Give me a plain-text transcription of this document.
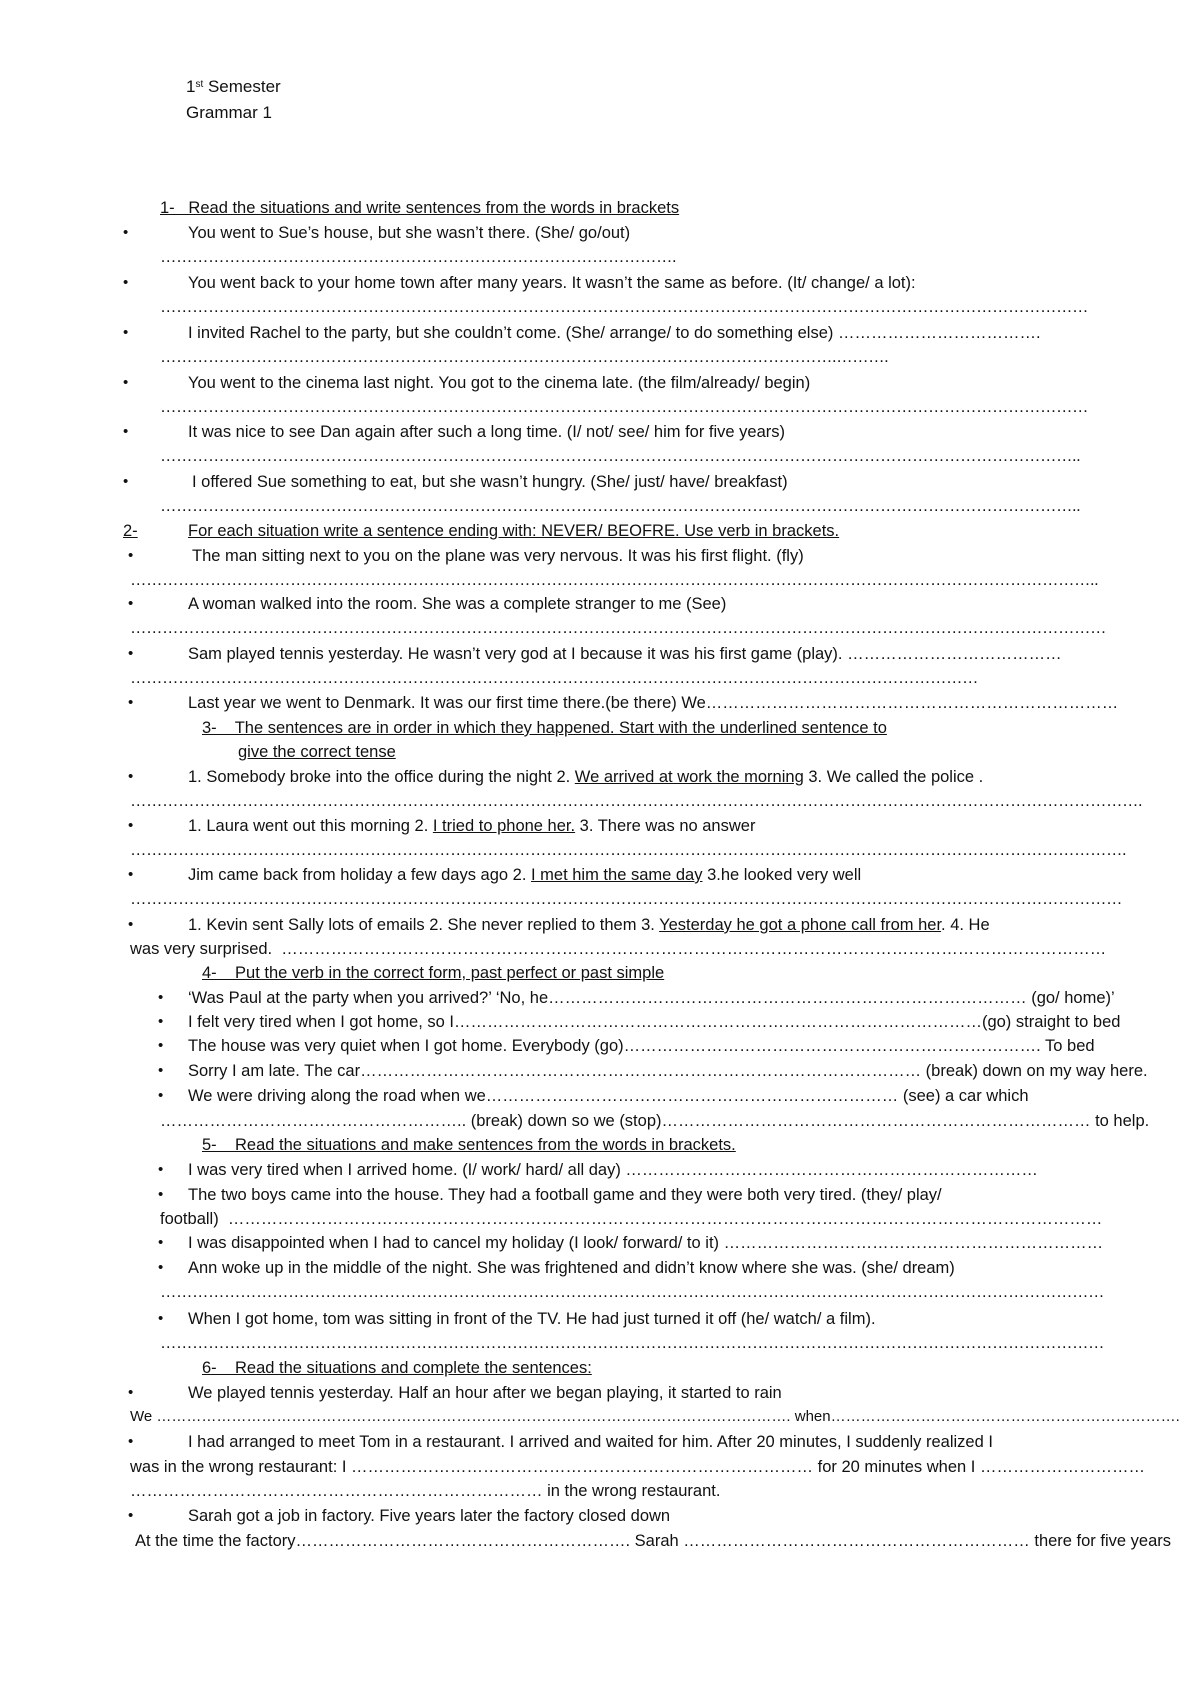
1st Semester
Grammar 1
1-   Read the situations and write sentences from the words in brackets
•	You went to Sue’s house, but she wasn’t there. (She/ go/out)
…………………………………………………………………………………….
•	You went back to your home town after many years. It wasn’t the same as before. (It/ change/ a lot):
…………………………………………………………………………………………………………………………………………………………
•	I invited Rachel to the party, but she couldn’t come. (She/ arrange/ to do something else) ……………………………….
……………………………………………………………………………………………………………….……….
•	You went to the cinema last night. You got to the cinema late. (the film/already/ begin)
…………………………………………………………………………………………………………………………………………………………
•	It was nice to see Dan again after such a long time. (I/ not/ see/ him for five years)
………………………………………………………………………………………………………………………………………………………..
•	I offered Sue something to eat, but she wasn’t hungry. (She/ just/ have/ breakfast)
………………………………………………………………………………………………………………………………………………………..
2-	For each situation write a sentence ending with: NEVER/ BEOFRE. Use verb in brackets.
•	The man sitting next to you on the plane was very nervous. It was his first flight. (fly)
………………………………………………………………………………………………………………………………………………………………..
•	A woman walked into the room. She was a complete stranger to me (See)
…………………………………………………………………………………………………………………………………………………………………
•	Sam played tennis yesterday. He wasn’t very god at I because it was his first game (play). …………………………………
……………………………………………………………………………………………………………………………………………
•	Last year we went to Denmark. It was our first time there.(be there) We…………………………………………………………………
3-    The sentences are in order in which they happened. Start with the underlined sentence to
give the correct tense
•	1. Somebody broke into the office during the night 2. We arrived at work the morning 3. We called the police .
……………………………………………………………………………………………………………………………………………………………………….
•	1. Laura went out this morning 2. I tried to phone her. 3. There was no answer
…………………………………………………………………………………………………………………………………………………………………….
•	Jim came back from holiday a few days ago 2. I met him the same day 3.he looked very well
……………………………………………………………………………………………………………………………………………………………………
•	1. Kevin sent Sally lots of emails 2. She never replied to them 3. Yesterday he got a phone call from her. 4. He
was very surprised.  ……………………………………………………………………………………………………………………………………
4-    Put the verb in the correct form, past perfect or past simple
• ‘Was Paul at the party when you arrived?’ ‘No, he…………………………………………………………………………… (go/ home)’
• I felt very tired when I got home, so I……………………………………………………………………………………(go) straight to bed
• The house was very quiet when I got home. Everybody (go)…………………………………………………………………. To bed
• Sorry I am late. The car………………………………………………………………………………………… (break) down on my way here.
• We were driving along the road when we………………………………………………………………… (see) a car which
……………………………………………….. (break) down so we (stop)…………………………………………………………………… to help.
5-    Read the situations and make sentences from the words in brackets.
• I was very tired when I arrived home. (I/ work/ hard/ all day) …………………………………………………………………
• The two boys came into the house. They had a football game and they were both very tired. (they/ play/
football)  ……………………………………………………………………………………………………………………………………………
• I was disappointed when I had to cancel my holiday (I look/ forward/ to it) ……………………………………………………………
• Ann woke up in the middle of the night. She was frightened and didn’t know where she was. (she/ dream)
……………………………………………………………………………………………………………………………………………………………
• When I got home, tom was sitting in front of the TV. He had just turned it off (he/ watch/ a film).
……………………………………………………………………………………………………………………………………………………………
6-    Read the situations and complete the sentences:
•	We played tennis yesterday. Half an hour after we began playing, it started to rain
We ………………………………………………………………………………………………………………. when…………………………………………………………….
•	I had arranged to meet Tom in a restaurant. I arrived and waited for him. After 20 minutes, I suddenly realized I
was in the wrong restaurant: I ………………………………………………………………………… for 20 minutes when I …………………………
………………………………………………………………… in the wrong restaurant.
•	Sarah got a job in factory. Five years later the factory closed down
At the time the factory……………………………………………………. Sarah ……………………………………………………… there for five years
